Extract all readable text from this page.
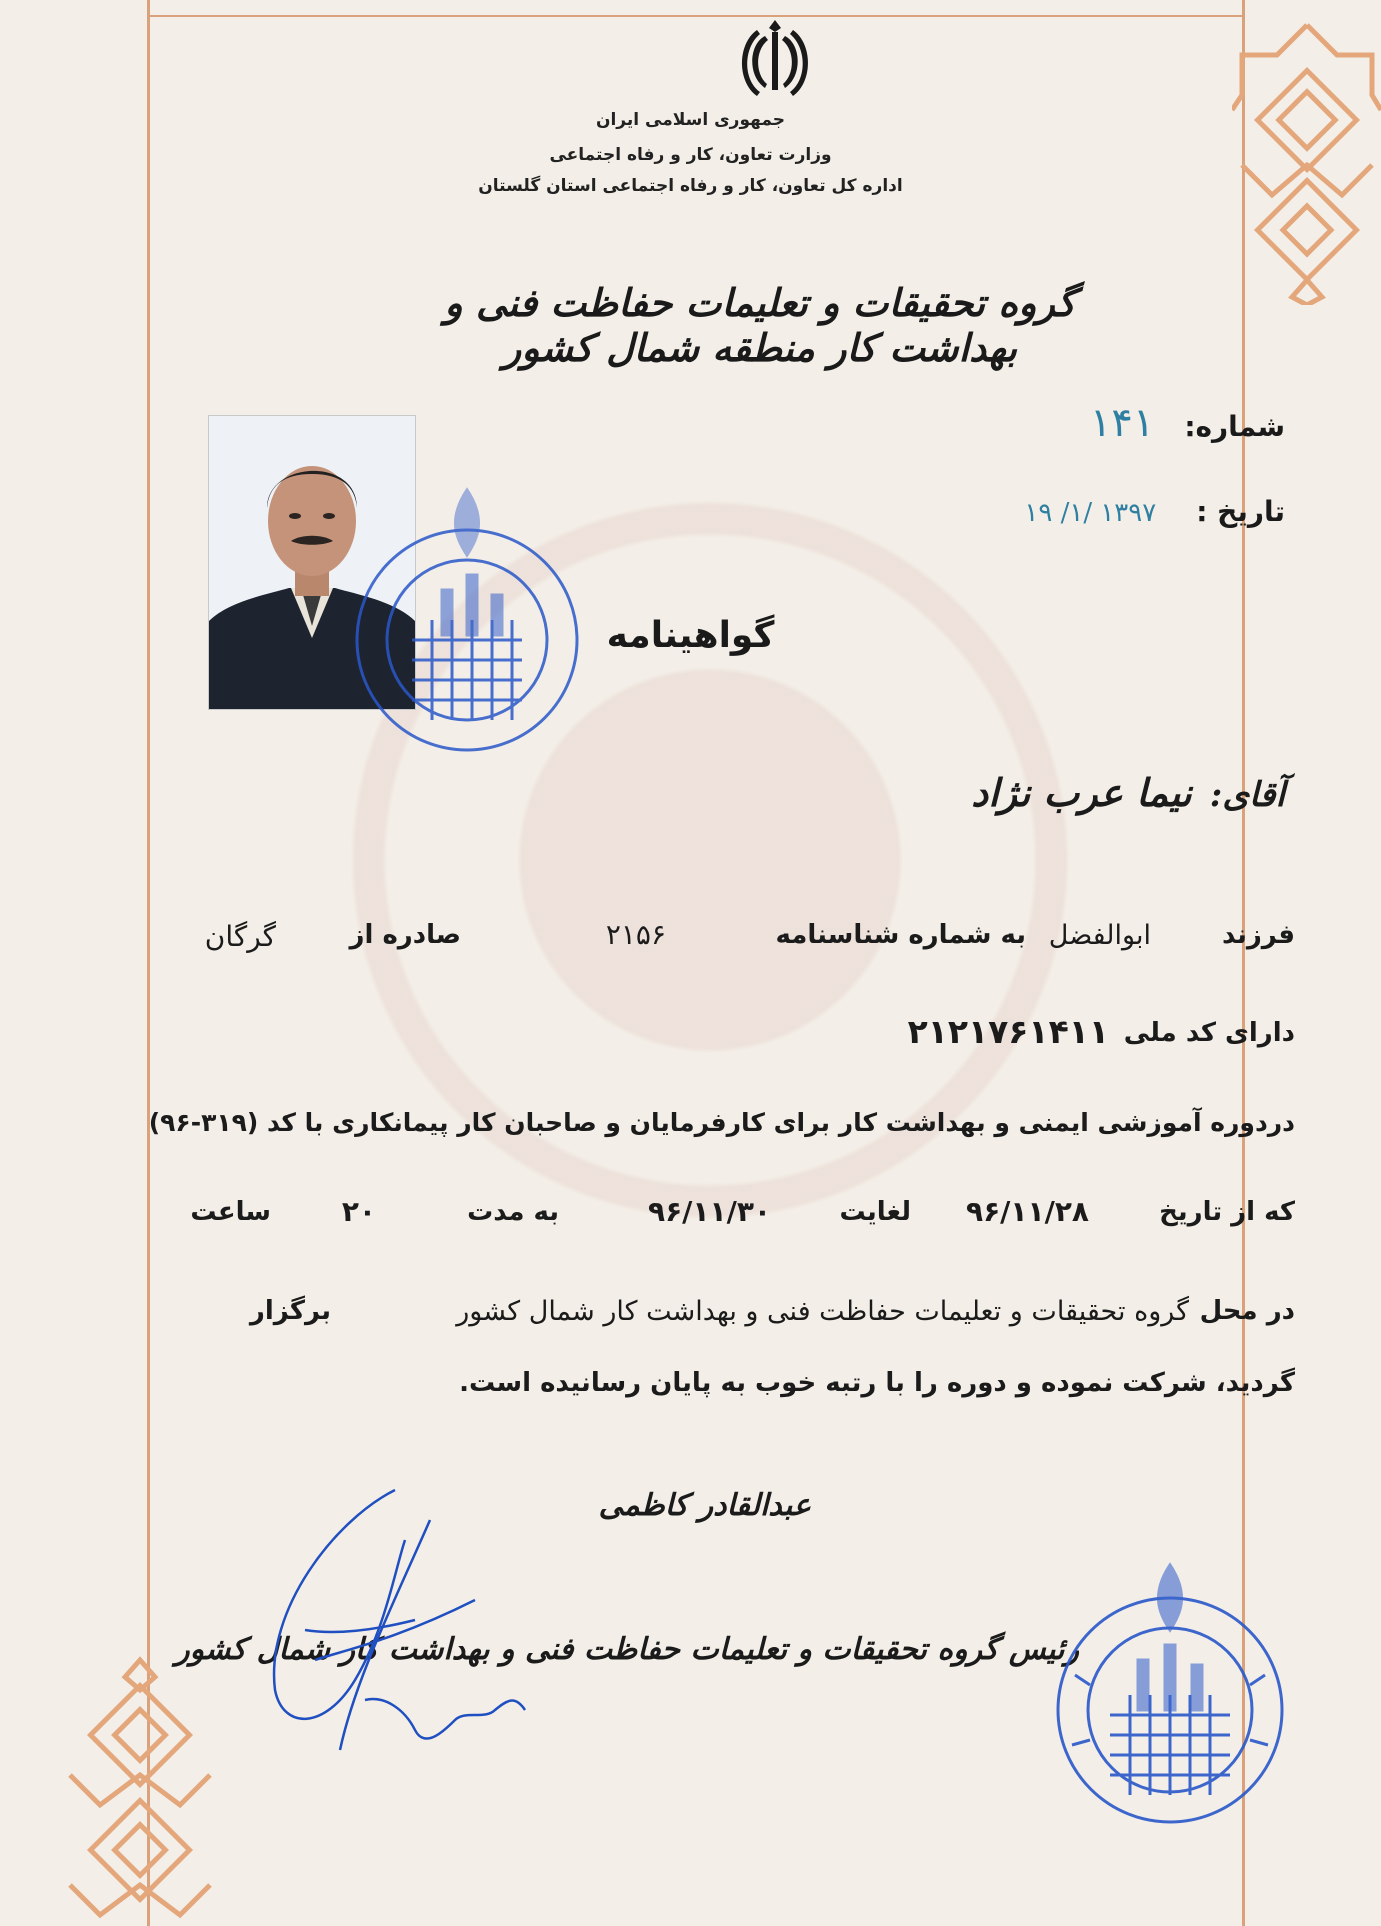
جمهوری اسلامی ایران
وزارت تعاون، کار و رفاه اجتماعی
اداره کل تعاون، کار و رفاه اجتماعی استان گلستان
گروه تحقیقات و تعلیمات حفاظت فنی و بهداشت کار منطقه شمال کشور
شماره:
۱۴۱
تاریخ :
۱۳۹۷ /۱/ ۱۹
گواهینامه
آقای:
نیما عرب نژاد
فرزند
ابوالفضل
به شماره شناسنامه
۲۱۵۶
صادره از
گرگان
دارای کد ملی
۲۱۲۱۷۶۱۴۱۱
دردوره آموزشی ایمنی و بهداشت کار برای کارفرمایان و صاحبان کار پیمانکاری با کد (۳۱۹-۹۶)
که از تاریخ
۹۶/۱۱/۲۸
لغایت
۹۶/۱۱/۳۰
به مدت
۲۰
ساعت
در محل
گروه تحقیقات و تعلیمات حفاظت فنی و بهداشت کار شمال کشور
برگزار
گردید، شرکت نموده و دوره را با رتبه خوب به پایان رسانیده است.
عبدالقادر کاظمی
رئیس گروه تحقیقات و تعلیمات حفاظت فنی و بهداشت کار شمال کشور
